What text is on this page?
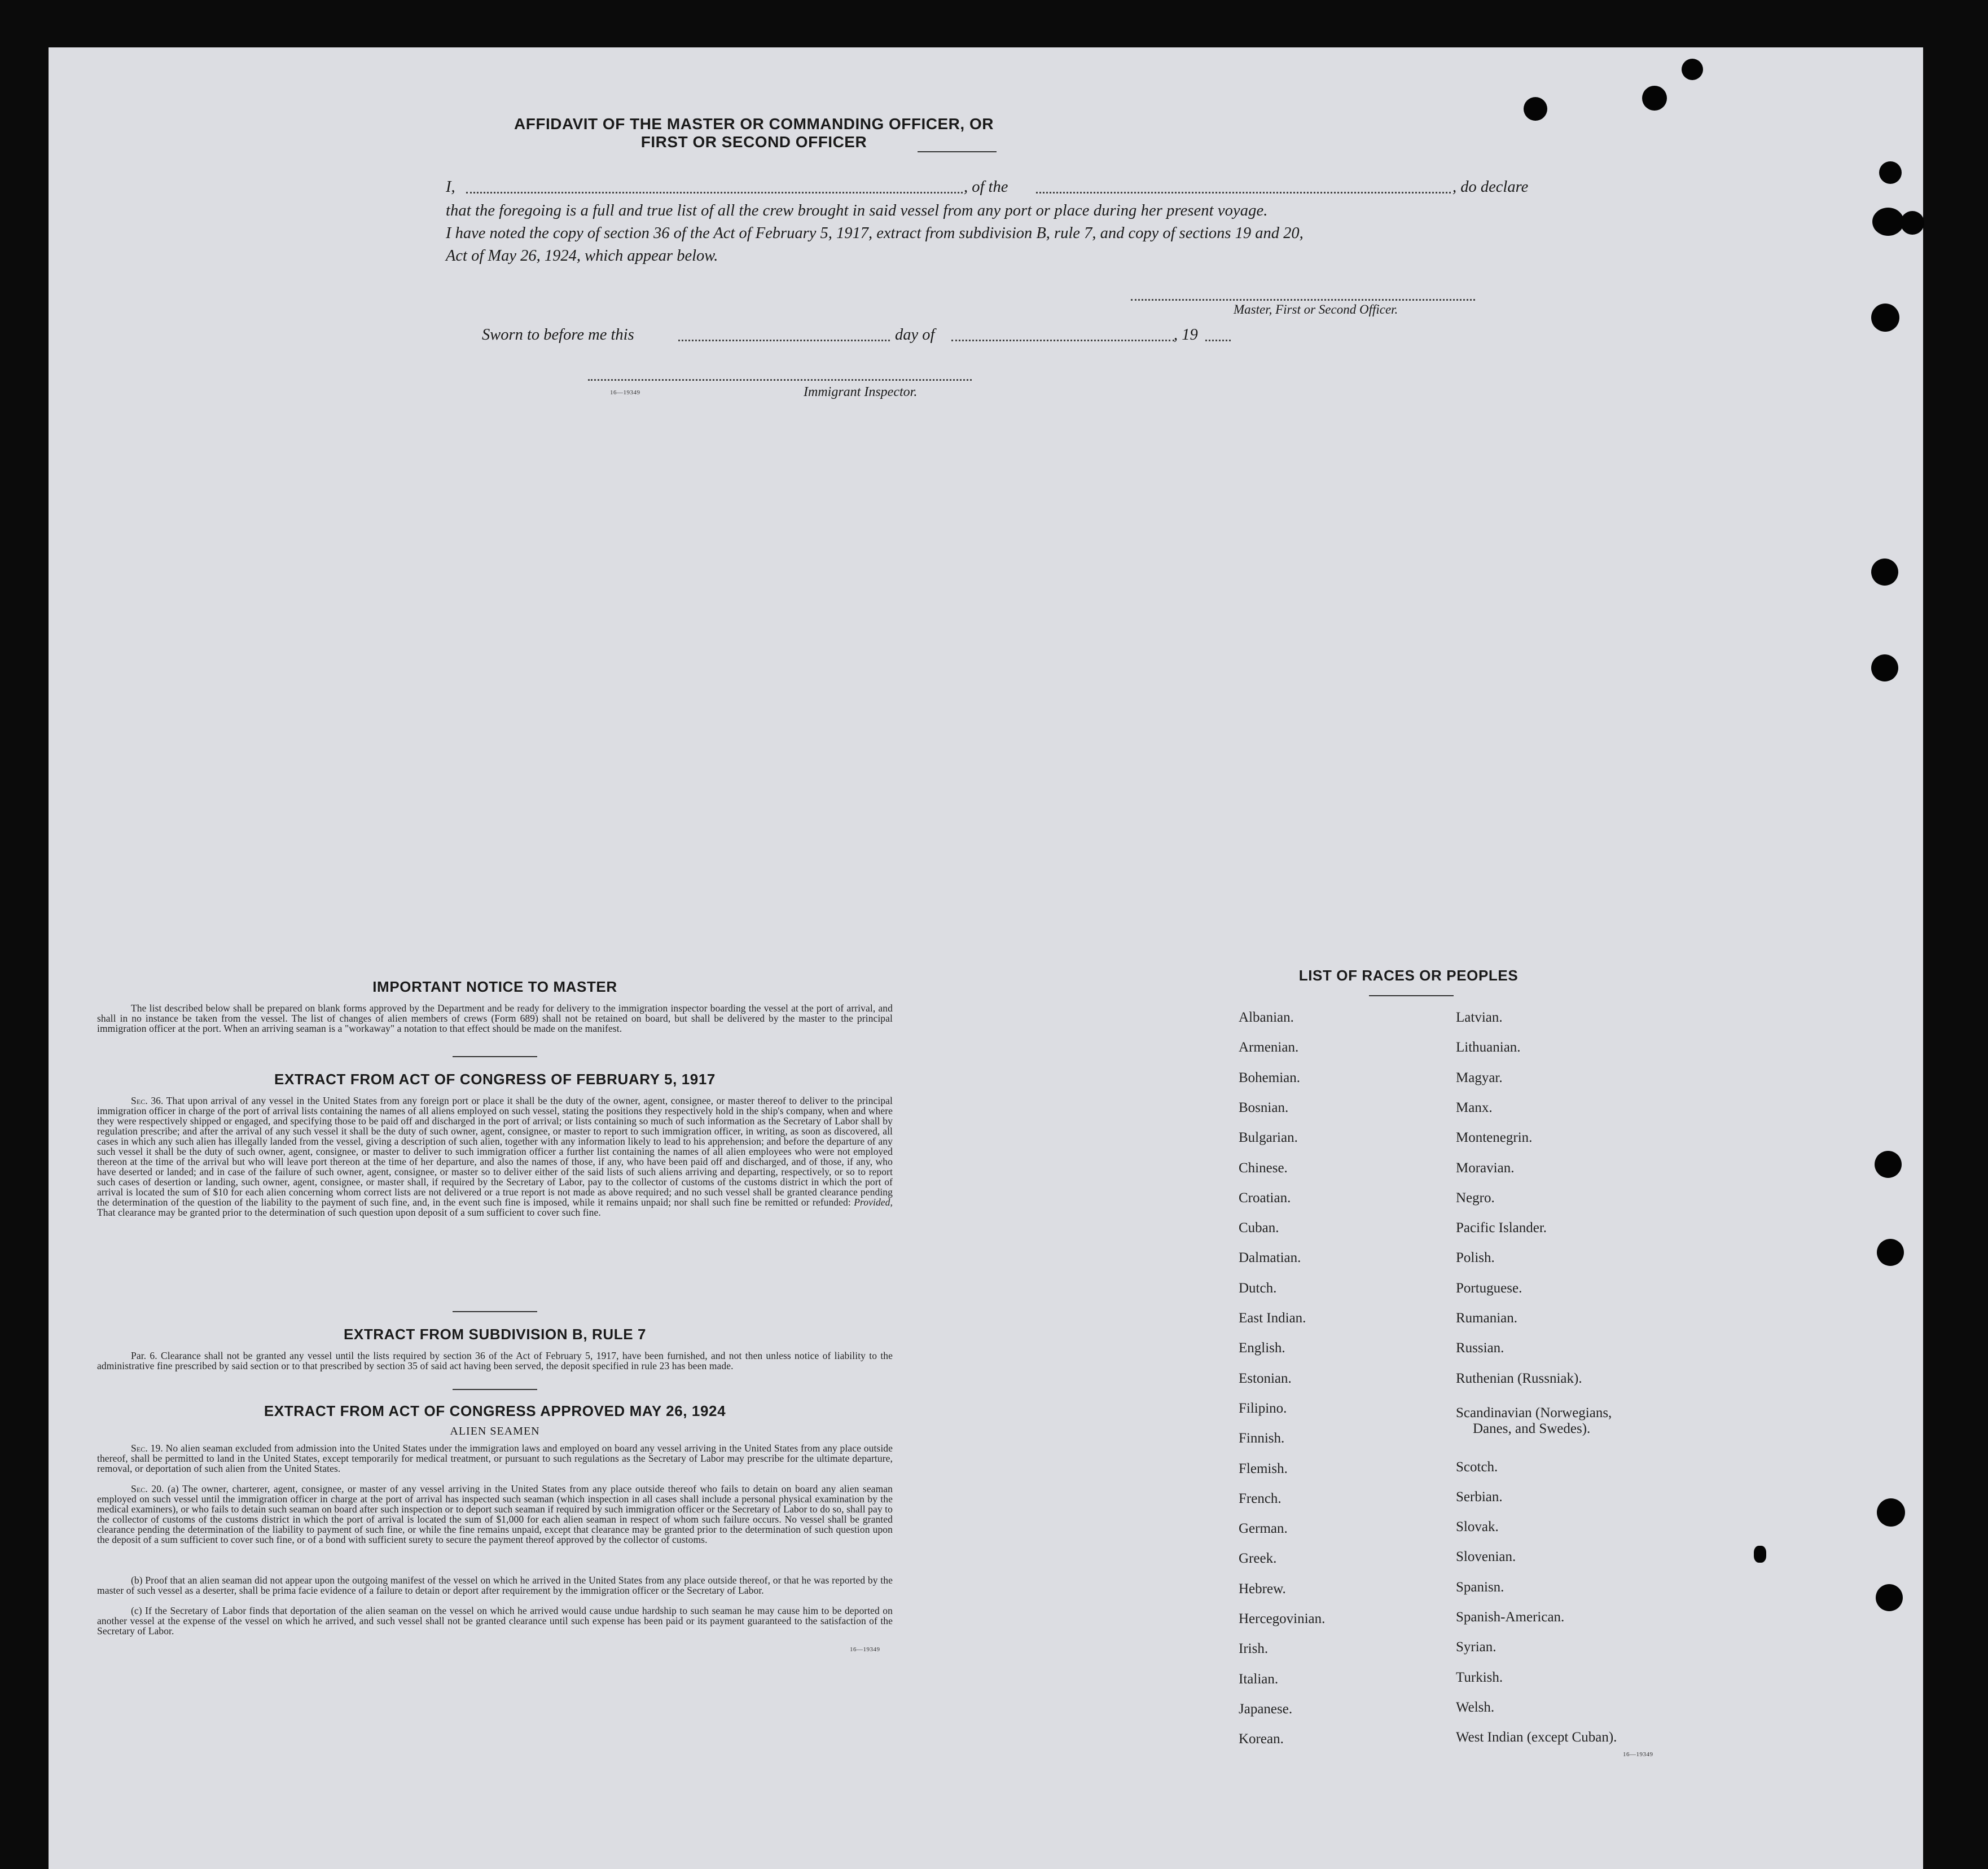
AFFIDAVIT OF THE MASTER OR COMMANDING OFFICER, OR FIRST OR SECOND OFFICER
I,	, of the	, do declare
that the foregoing is a full and true list of all the crew brought in said vessel from any port or place during her present voyage.
I have noted the copy of section 36 of the Act of February 5, 1917, extract from subdivision B, rule 7, and copy of sections 19 and 20,
Act of May 26, 1924, which appear below.
Master, First or Second Officer.
Sworn to before me this	day of	, 19
16—19349	Immigrant Inspector.
IMPORTANT NOTICE TO MASTER
The list described below shall be prepared on blank forms approved by the Department and be ready for delivery to the immigration inspector boarding the vessel at the port of arrival, and shall in no instance be taken from the vessel. The list of changes of alien members of crews (Form 689) shall not be retained on board, but shall be delivered by the master to the principal immigration officer at the port. When an arriving seaman is a "workaway" a notation to that effect should be made on the manifest.
EXTRACT FROM ACT OF CONGRESS OF FEBRUARY 5, 1917
Sec. 36. That upon arrival of any vessel in the United States from any foreign port or place it shall be the duty of the owner, agent, consignee, or master thereof to deliver to the principal immigration officer in charge of the port of arrival lists containing the names of all aliens employed on such vessel, stating the positions they respectively hold in the ship's company, when and where they were respectively shipped or engaged, and specifying those to be paid off and discharged in the port of arrival; or lists containing so much of such information as the Secretary of Labor shall by regulation prescribe; and after the arrival of any such vessel it shall be the duty of such owner, agent, consignee, or master to report to such immigration officer, in writing, as soon as discovered, all cases in which any such alien has illegally landed from the vessel, giving a description of such alien, together with any information likely to lead to his apprehension; and before the departure of any such vessel it shall be the duty of such owner, agent, consignee, or master to deliver to such immigration officer a further list containing the names of all alien employees who were not employed thereon at the time of the arrival but who will leave port thereon at the time of her departure, and also the names of those, if any, who have been paid off and discharged, and of those, if any, who have deserted or landed; and in case of the failure of such owner, agent, consignee, or master so to deliver either of the said lists of such aliens arriving and departing, respectively, or so to report such cases of desertion or landing, such owner, agent, consignee, or master shall, if required by the Secretary of Labor, pay to the collector of customs of the customs district in which the port of arrival is located the sum of $10 for each alien concerning whom correct lists are not delivered or a true report is not made as above required; and no such vessel shall be granted clearance pending the determination of the question of the liability to the payment of such fine, and, in the event such fine is imposed, while it remains unpaid; nor shall such fine be remitted or refunded: Provided, That clearance may be granted prior to the determination of such question upon deposit of a sum sufficient to cover such fine.
EXTRACT FROM SUBDIVISION B, RULE 7
Par. 6. Clearance shall not be granted any vessel until the lists required by section 36 of the Act of February 5, 1917, have been furnished, and not then unless notice of liability to the administrative fine prescribed by said section or to that prescribed by section 35 of said act having been served, the deposit specified in rule 23 has been made.
EXTRACT FROM ACT OF CONGRESS APPROVED MAY 26, 1924
ALIEN SEAMEN
Sec. 19. No alien seaman excluded from admission into the United States under the immigration laws and employed on board any vessel arriving in the United States from any place outside thereof, shall be permitted to land in the United States, except temporarily for medical treatment, or pursuant to such regulations as the Secretary of Labor may prescribe for the ultimate departure, removal, or deportation of such alien from the United States.
Sec. 20. (a) The owner, charterer, agent, consignee, or master of any vessel arriving in the United States from any place outside thereof who fails to detain on board any alien seaman employed on such vessel until the immigration officer in charge at the port of arrival has inspected such seaman (which inspection in all cases shall include a personal physical examination by the medical examiners), or who fails to detain such seaman on board after such inspection or to deport such seaman if required by such immigration officer or the Secretary of Labor to do so, shall pay to the collector of customs of the customs district in which the port of arrival is located the sum of $1,000 for each alien seaman in respect of whom such failure occurs. No vessel shall be granted clearance pending the determination of the liability to payment of such fine, or while the fine remains unpaid, except that clearance may be granted prior to the determination of such question upon the deposit of a sum sufficient to cover such fine, or of a bond with sufficient surety to secure the payment thereof approved by the collector of customs.
(b) Proof that an alien seaman did not appear upon the outgoing manifest of the vessel on which he arrived in the United States from any place outside thereof, or that he was reported by the master of such vessel as a deserter, shall be prima facie evidence of a failure to detain or deport after requirement by the immigration officer or the Secretary of Labor.
(c) If the Secretary of Labor finds that deportation of the alien seaman on the vessel on which he arrived would cause undue hardship to such seaman he may cause him to be deported on another vessel at the expense of the vessel on which he arrived, and such vessel shall not be granted clearance until such expense has been paid or its payment guaranteed to the satisfaction of the Secretary of Labor.
16—19349
LIST OF RACES OR PEOPLES
Albanian.
Armenian.
Bohemian.
Bosnian.
Bulgarian.
Chinese.
Croatian.
Cuban.
Dalmatian.
Dutch.
East Indian.
English.
Estonian.
Filipino.
Finnish.
Flemish.
French.
German.
Greek.
Hebrew.
Hercegovinian.
Irish.
Italian.
Japanese.
Korean.
Latvian.
Lithuanian.
Magyar.
Manx.
Montenegrin.
Moravian.
Negro.
Pacific Islander.
Polish.
Portuguese.
Rumanian.
Russian.
Ruthenian (Russniak).
Scandinavian (Norwegians,
Scotch.
Serbian.
Slovak.
Slovenian.
Spanisn.
Spanish-American.
Syrian.
Turkish.
Welsh.
West Indian (except Cuban).
Danes, and Swedes).
16—19349
